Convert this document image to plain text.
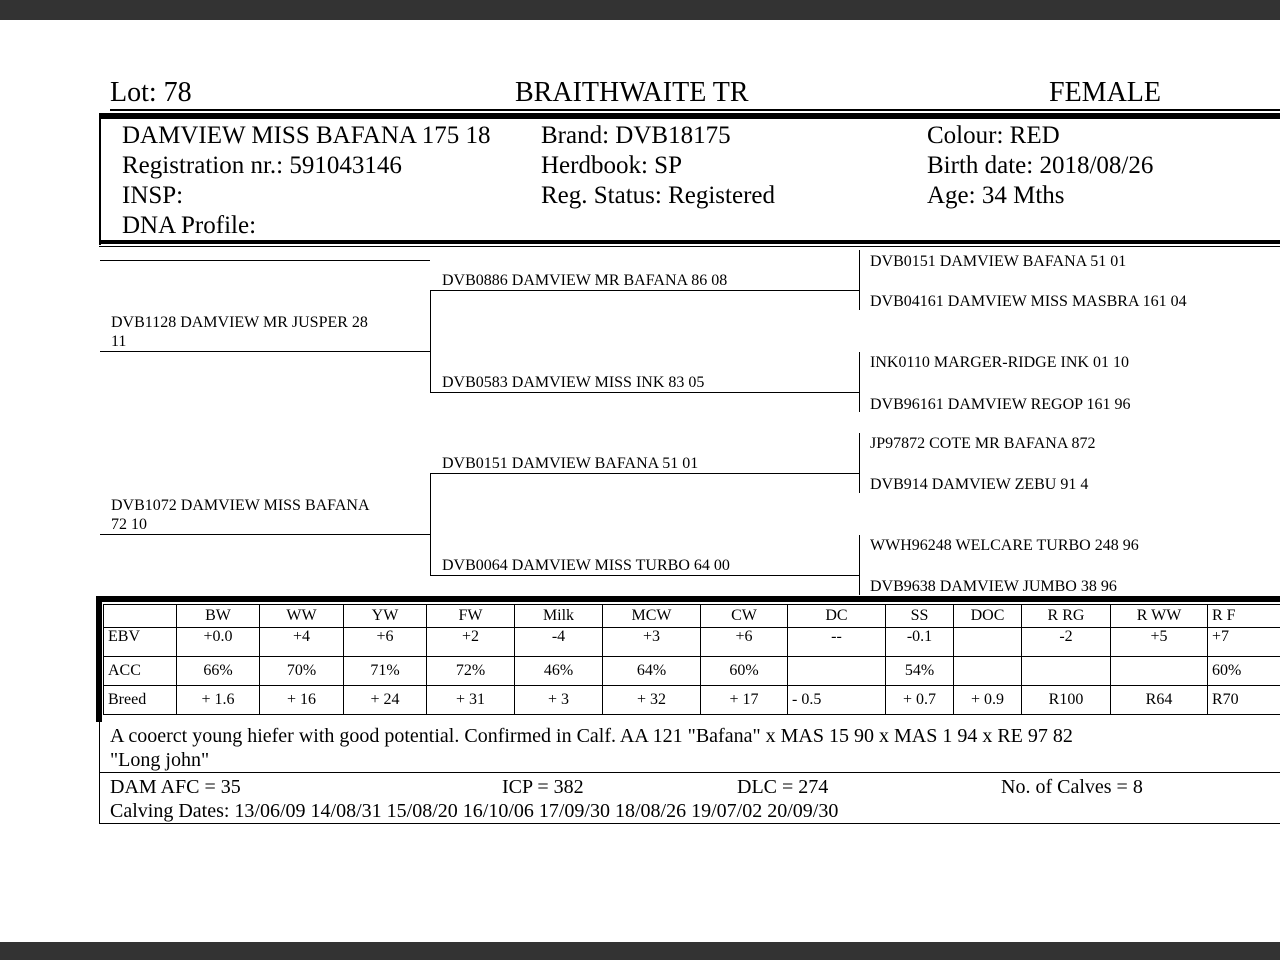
Lot: 78	BRAITHWAITE TR	FEMALE
DAMVIEW MISS BAFANA 175 18
Registration nr.: 591043146
INSP:
DNA Profile:
Brand: DVB18175
Herdbook: SP
Reg. Status: Registered
Colour: RED
Birth date: 2018/08/26
Age: 34 Mths
DVB1128 DAMVIEW MR JUSPER 28
11
DVB1072 DAMVIEW MISS BAFANA
72 10
DVB0886 DAMVIEW MR BAFANA 86 08
DVB0583 DAMVIEW MISS INK 83 05
DVB0151 DAMVIEW BAFANA 51 01
DVB0064 DAMVIEW MISS TURBO 64 00
DVB0151 DAMVIEW BAFANA 51 01
DVB04161 DAMVIEW MISS MASBRA 161 04
INK0110 MARGER-RIDGE INK 01 10
DVB96161 DAMVIEW REGOP 161 96
JP97872 COTE MR BAFANA 872
DVB914 DAMVIEW ZEBU 91 4
WWH96248 WELCARE TURBO 248 96
DVB9638 DAMVIEW JUMBO 38 96
	BW	WW	YW	FW	Milk	MCW	CW	DC	SS	DOC	R RG	R WW	R F
EBV	+0.0	+4	+6	+2	-4	+3	+6	--	-0.1		-2	+5	+7
ACC	66%	70%	71%	72%	46%	64%	60%		54%				60%
Breed	+ 1.6	+ 16	+ 24	+ 31	+ 3	+ 32	+ 17	- 0.5	+ 0.7	+ 0.9	R100	R64	R70
A cooerct young hiefer with good potential. Confirmed in Calf. AA 121 "Bafana" x MAS 15 90 x MAS 1 94 x RE 97 82
"Long john"
DAM AFC = 35	ICP = 382	DLC = 274	No. of Calves = 8
Calving Dates: 13/06/09 14/08/31 15/08/20 16/10/06 17/09/30 18/08/26 19/07/02 20/09/30
